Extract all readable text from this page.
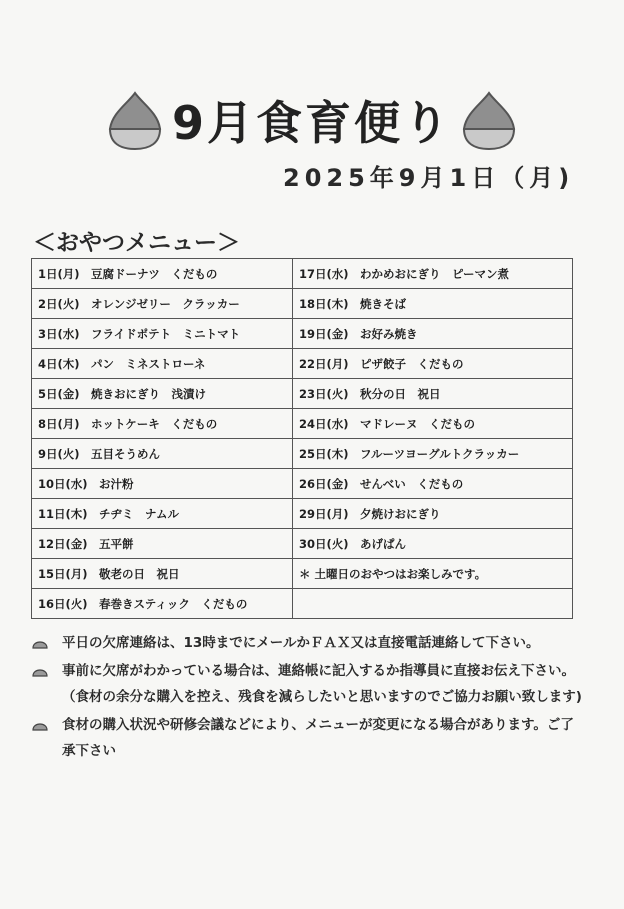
9月食育便り
2025年9月1日（月)
＜おやつメニュー＞
1日(月)　豆腐ドーナツ　くだもの	17日(水)　わかめおにぎり　ピーマン煮
2日(火)　オレンジゼリー　クラッカー	18日(木)　焼きそば
3日(水)　フライドポテト　ミニトマト	19日(金)　お好み焼き
4日(木)　パン　ミネストローネ	22日(月)　ピザ餃子　くだもの
5日(金)　焼きおにぎり　浅漬け	23日(火)　秋分の日　祝日
8日(月)　ホットケーキ　くだもの	24日(水)　マドレーヌ　くだもの
9日(火)　五目そうめん	25日(木)　フルーツヨーグルトクラッカー
10日(水)　お汁粉	26日(金)　せんべい　くだもの
11日(木)　チヂミ　ナムル	29日(月)　夕焼けおにぎり
12日(金)　五平餅	30日(火)　あげぱん
15日(月)　敬老の日　祝日	＊ 土曜日のおやつはお楽しみです。
16日(火)　春巻きスティック　くだもの	
平日の欠席連絡は、13時までにメールかＦＡＸ又は直接電話連絡して下さい。
事前に欠席がわかっている場合は、連絡帳に記入するか指導員に直接お伝え下さい。（食材の余分な購入を控え、残食を減らしたいと思いますのでご協力お願い致します)
食材の購入状況や研修会議などにより、メニューが変更になる場合があります。ご了承下さい
